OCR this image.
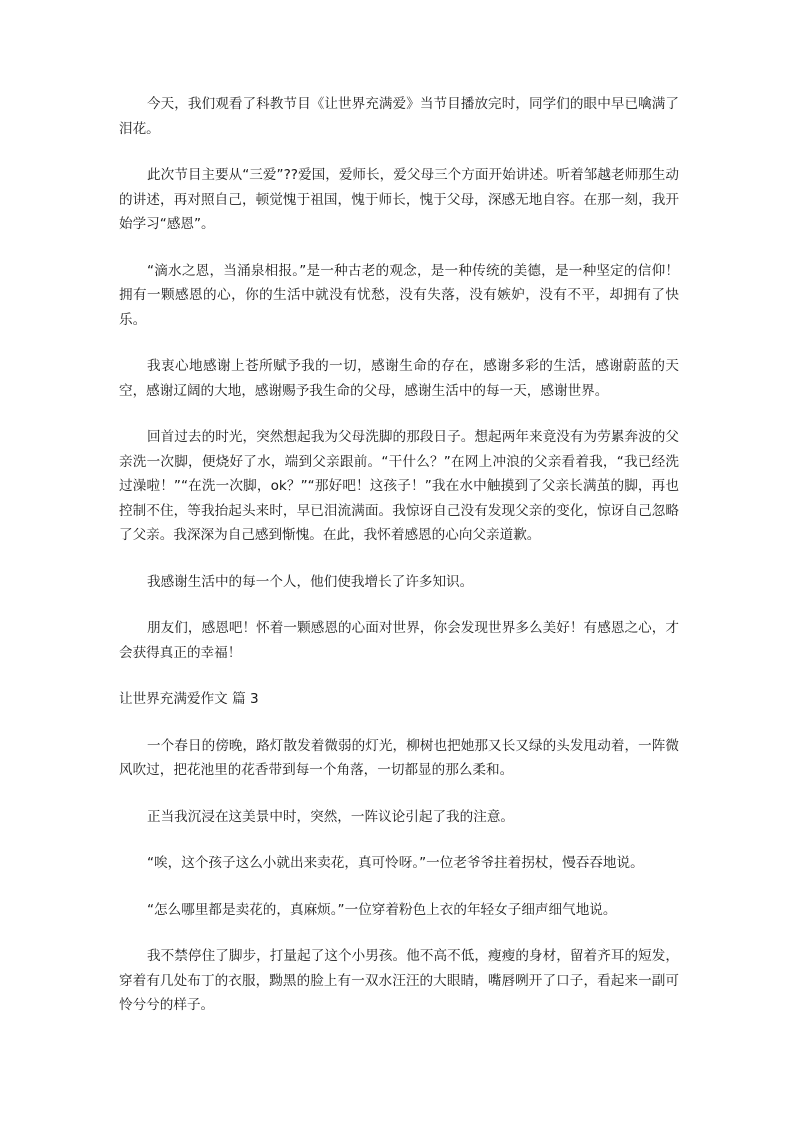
今天，我们观看了科教节目《让世界充满爱》当节目播放完时，同学们的眼中早已噙满了泪花。

此次节目主要从“三爱”??爱国，爱师长，爱父母三个方面开始讲述。听着邹越老师那生动的讲述，再对照自己，顿觉愧于祖国，愧于师长，愧于父母，深感无地自容。在那一刻，我开始学习“感恩”。

“滴水之恩，当涌泉相报。”是一种古老的观念，是一种传统的美德，是一种坚定的信仰！拥有一颗感恩的心，你的生活中就没有忧愁，没有失落，没有嫉妒，没有不平，却拥有了快乐。

我衷心地感谢上苍所赋予我的一切，感谢生命的存在，感谢多彩的生活，感谢蔚蓝的天空，感谢辽阔的大地，感谢赐予我生命的父母，感谢生活中的每一天，感谢世界。

回首过去的时光，突然想起我为父母洗脚的那段日子。想起两年来竟没有为劳累奔波的父亲洗一次脚，便烧好了水，端到父亲跟前。“干什么？”在网上冲浪的父亲看着我，“我已经洗过澡啦！”“在洗一次脚，ok？”“那好吧！这孩子！”我在水中触摸到了父亲长满茧的脚，再也控制不住，等我抬起头来时，早已泪流满面。我惊讶自己没有发现父亲的变化，惊讶自己忽略了父亲。我深深为自己感到惭愧。在此，我怀着感恩的心向父亲道歉。

我感谢生活中的每一个人，他们使我增长了许多知识。

朋友们，感恩吧！怀着一颗感恩的心面对世界，你会发现世界多么美好！有感恩之心，才会获得真正的幸福！

让世界充满爱作文 篇 3

一个春日的傍晚，路灯散发着微弱的灯光，柳树也把她那又长又绿的头发甩动着，一阵微风吹过，把花池里的花香带到每一个角落，一切都显的那么柔和。

正当我沉浸在这美景中时，突然，一阵议论引起了我的注意。

“唉，这个孩子这么小就出来卖花，真可怜呀。”一位老爷爷拄着拐杖，慢吞吞地说。

“怎么哪里都是卖花的，真麻烦。”一位穿着粉色上衣的年轻女子细声细气地说。

我不禁停住了脚步，打量起了这个小男孩。他不高不低，瘦瘦的身材，留着齐耳的短发，穿着有几处布丁的衣服，黝黑的脸上有一双水汪汪的大眼睛，嘴唇咧开了口子，看起来一副可怜兮兮的样子。
